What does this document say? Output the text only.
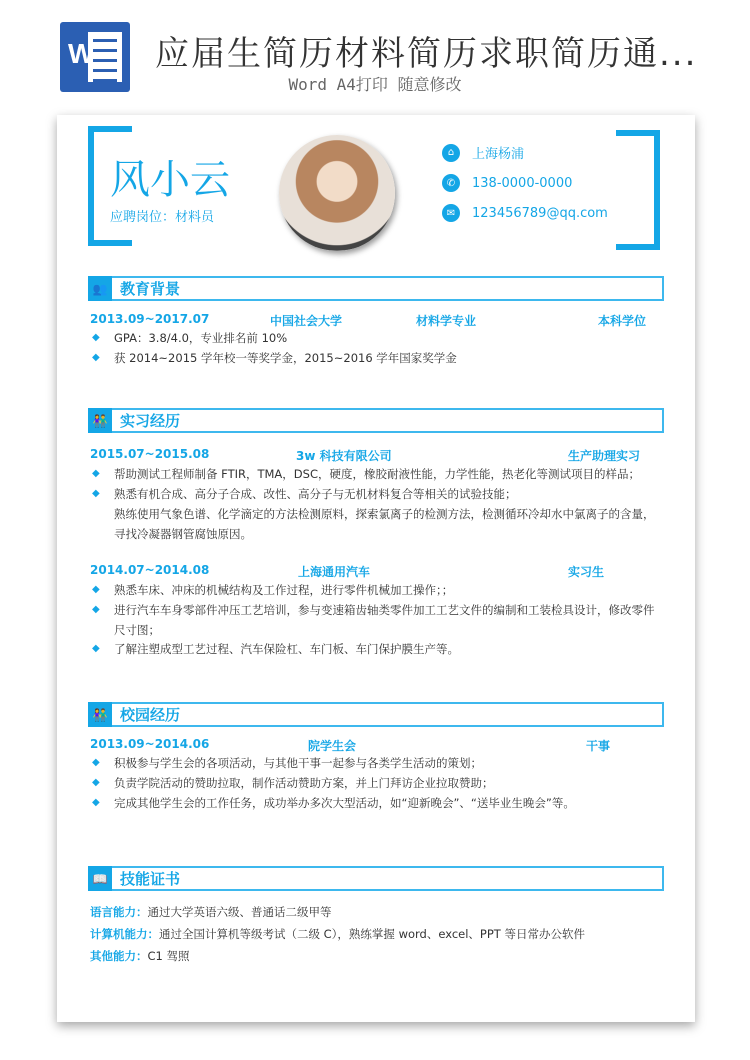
W 应届生简历材料简历求职简历通...
Word A4打印 随意修改
风小云
应聘岗位：材料员
⌂	上海杨浦
✆	138-0000-0000
✉	123456789@qq.com
👥 教育背景
2013.09~2017.07	中国社会大学	材料学专业	本科学位
◆ GPA：3.8/4.0，专业排名前 10%
◆ 获 2014~2015 学年校一等奖学金，2015~2016 学年国家奖学金
👫 实习经历
2015.07~2015.08	3w 科技有限公司	生产助理实习
◆ 帮助测试工程师制备 FTIR，TMA，DSC，硬度，橡胶耐液性能，力学性能，热老化等测试项目的样品；
◆ 熟悉有机合成、高分子合成、改性、高分子与无机材料复合等相关的试验技能；
熟练使用气象色谱、化学滴定的方法检测原料，探索氯离子的检测方法，检测循环冷却水中氯离子的含量，寻找冷凝器钢管腐蚀原因。
2014.07~2014.08	上海通用汽车	实习生
◆ 熟悉车床、冲床的机械结构及工作过程，进行零件机械加工操作；；
◆ 进行汽车车身零部件冲压工艺培训，参与变速箱齿轴类零件加工工艺文件的编制和工装检具设计，修改零件尺寸图；
◆ 了解注塑成型工艺过程、汽车保险杠、车门板、车门保护膜生产等。
👫 校园经历
2013.09~2014.06	院学生会	干事
◆ 积极参与学生会的各项活动，与其他干事一起参与各类学生活动的策划；
◆ 负责学院活动的赞助拉取，制作活动赞助方案，并上门拜访企业拉取赞助；
◆ 完成其他学生会的工作任务，成功举办多次大型活动，如“迎新晚会”、“送毕业生晚会”等。
📖 技能证书
语言能力：通过大学英语六级、普通话二级甲等
计算机能力：通过全国计算机等级考试（二级 C），熟练掌握 word、excel、PPT 等日常办公软件
其他能力：C1 驾照
